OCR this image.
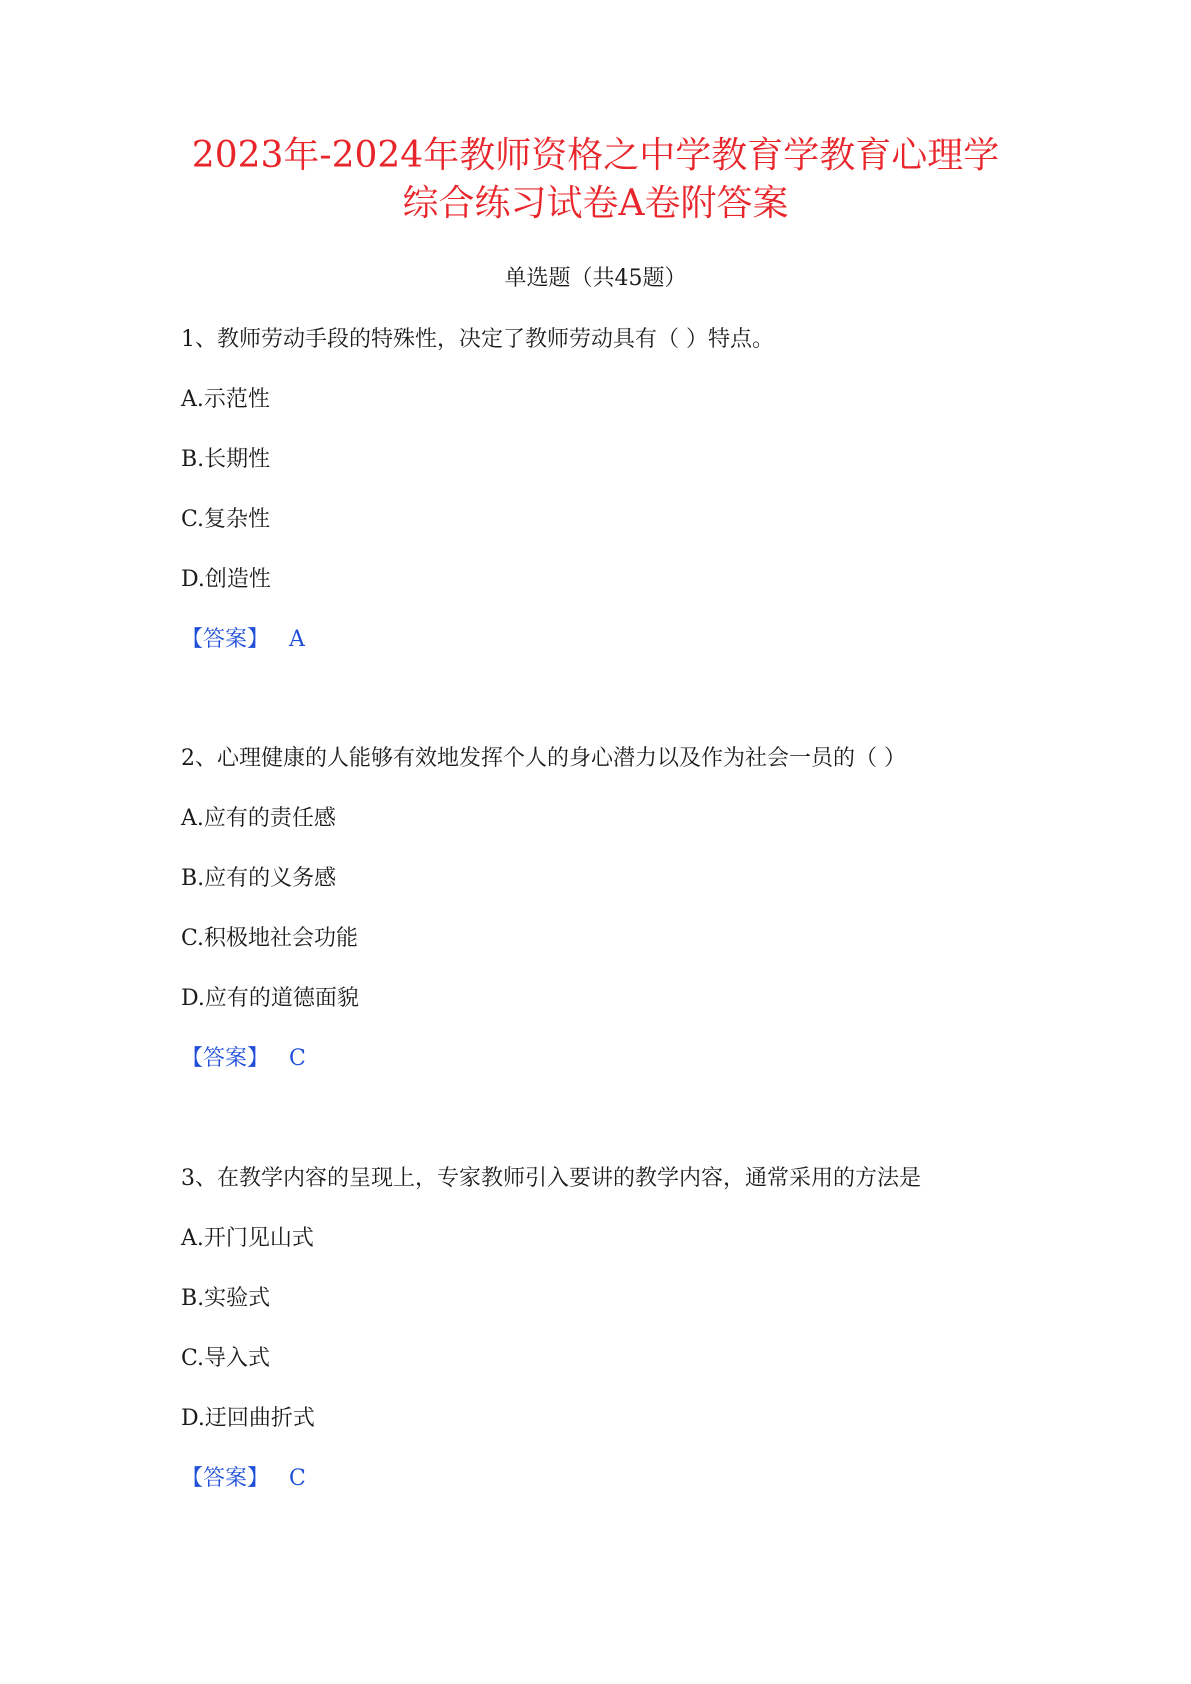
2023年-2024年教师资格之中学教育学教育心理学
综合练习试卷A卷附答案
单选题（共45题）
1、教师劳动手段的特殊性，决定了教师劳动具有（ ）特点。
A.示范性
B.长期性
C.复杂性
D.创造性
【答案】 A
2、心理健康的人能够有效地发挥个人的身心潜力以及作为社会一员的（ ）
A.应有的责任感
B.应有的义务感
C.积极地社会功能
D.应有的道德面貌
【答案】 C
3、在教学内容的呈现上，专家教师引入要讲的教学内容，通常采用的方法是
A.开门见山式
B.实验式
C.导入式
D.迂回曲折式
【答案】 C
